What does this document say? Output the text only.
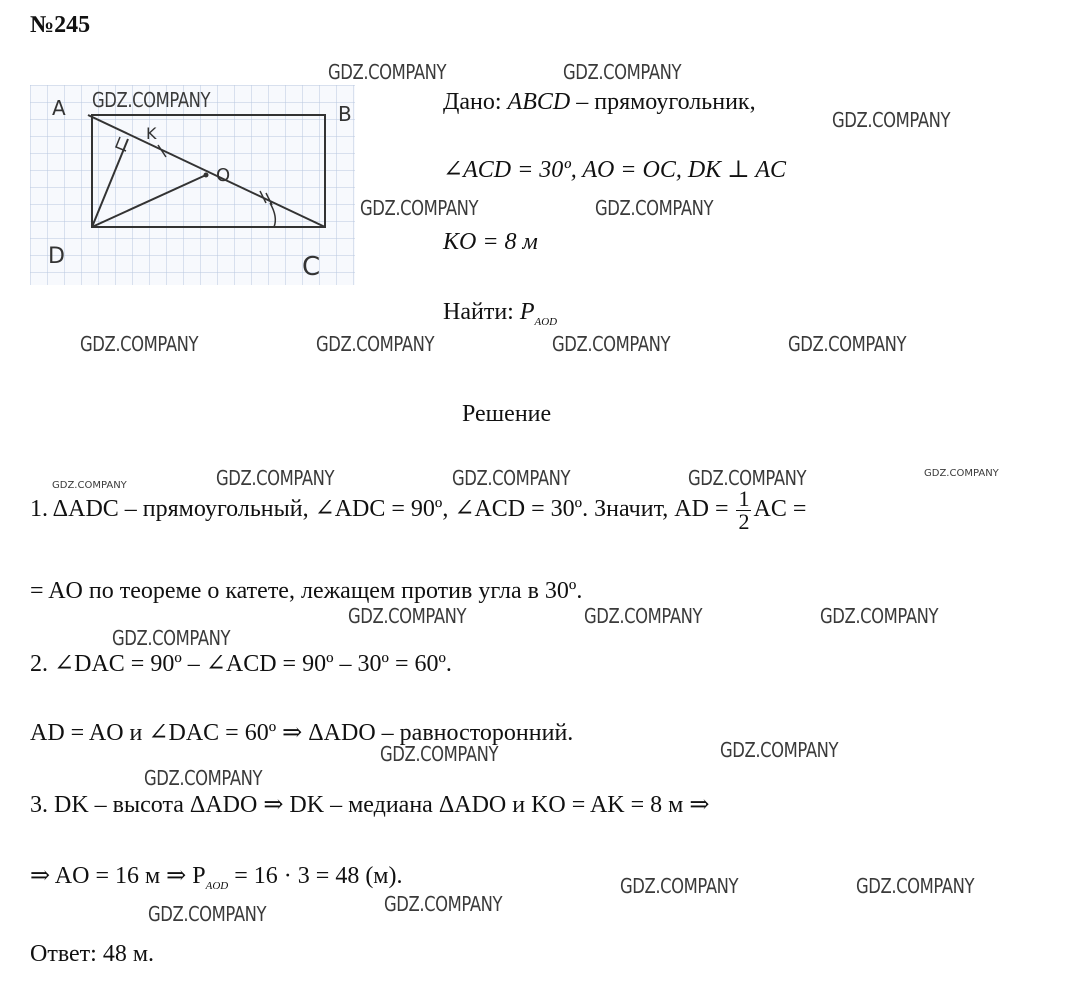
№245
A	B
C
D
O
K
Дано: ABCD – прямоугольник,
∠ACD = 30º, AO = OC, DK ⊥ AC
KO = 8 м
Найти: $P_{AOD}$
Решение
1. ΔADC – прямоугольный, ∠ADC = 90º, ∠ACD = 30º. Значит, AD = $\frac{1}{2}$ AC =
= AO по теореме о катете, лежащем против угла в 30º.
2. ∠DAC = 90º – ∠ACD = 90º – 30º = 60º.
AD = AO и ∠DAC = 60º ⇒ ΔADO – равносторонний.
3. DK – высота ΔADO ⇒ DK – медиана ΔADO и KO = AK = 8 м ⇒
⇒ AO = 16 м ⇒ $P_{AOD} = 16 \cdot 3 = 48$ (м).
Ответ: 48 м.
GDZ.COMPANY	GDZ.COMPANY
GDZ.COMPANY
GDZ.COMPANY
GDZ.COMPANY	GDZ.COMPANY
GDZ.COMPANY	GDZ.COMPANY	GDZ.COMPANY	GDZ.COMPANY
GDZ.COMPANY	GDZ.COMPANY	GDZ.COMPANY	GDZ.COMPANY	GDZ.COMPANY
GDZ.COMPANY	GDZ.COMPANY	GDZ.COMPANY
GDZ.COMPANY
GDZ.COMPANY	GDZ.COMPANY
GDZ.COMPANY
GDZ.COMPANY	GDZ.COMPANY
GDZ.COMPANY
GDZ.COMPANY
